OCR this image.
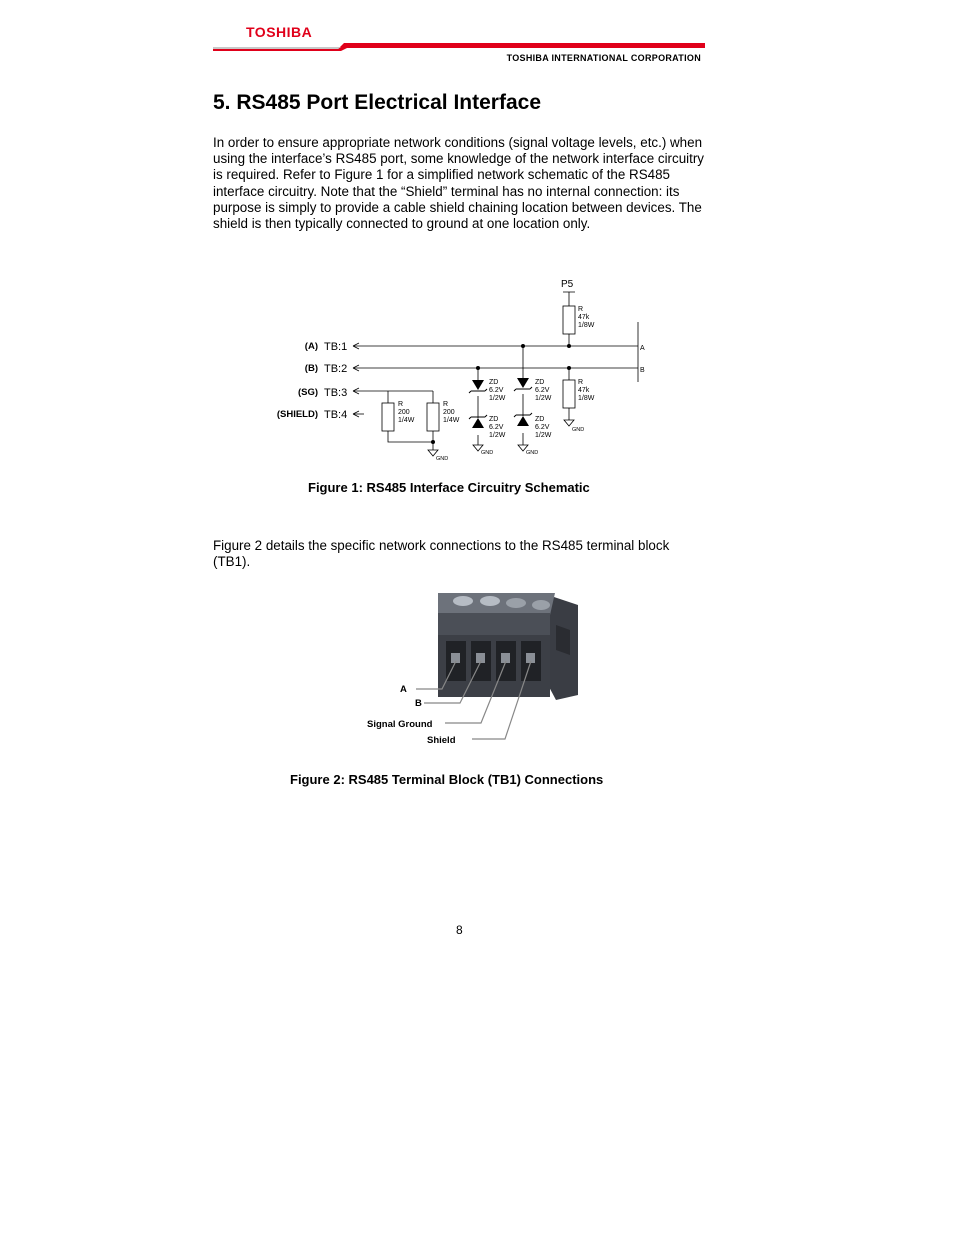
TOSHIBA
TOSHIBA INTERNATIONAL CORPORATION
5. RS485 Port Electrical Interface
In order to ensure appropriate network conditions (signal voltage levels, etc.) when using the interface’s RS485 port, some knowledge of the network interface circuitry is required. Refer to Figure 1 for a simplified network schematic of the RS485 interface circuitry. Note that the “Shield” terminal has no internal connection: its purpose is simply to provide a cable shield chaining location between devices. The shield is then typically connected to ground at one location only.
(A)
(B)
(SG)
(SHIELD)
TB:1
TB:2
TB:3
TB:4
GND
GND	GND
GND
P5
R
47k
1/8W
R
47k
1/8W
R
200
1/4W
R
200
1/4W
ZD
6.2V
1/2W
ZD
6.2V
1/2W
ZD
6.2V
1/2W
ZD
6.2V
1/2W
A
B
Figure 1: RS485 Interface Circuitry Schematic
Figure 2 details the specific network connections to the RS485 terminal block (TB1).
A
B
Signal Ground
Shield
Figure 2: RS485 Terminal Block (TB1) Connections
8
